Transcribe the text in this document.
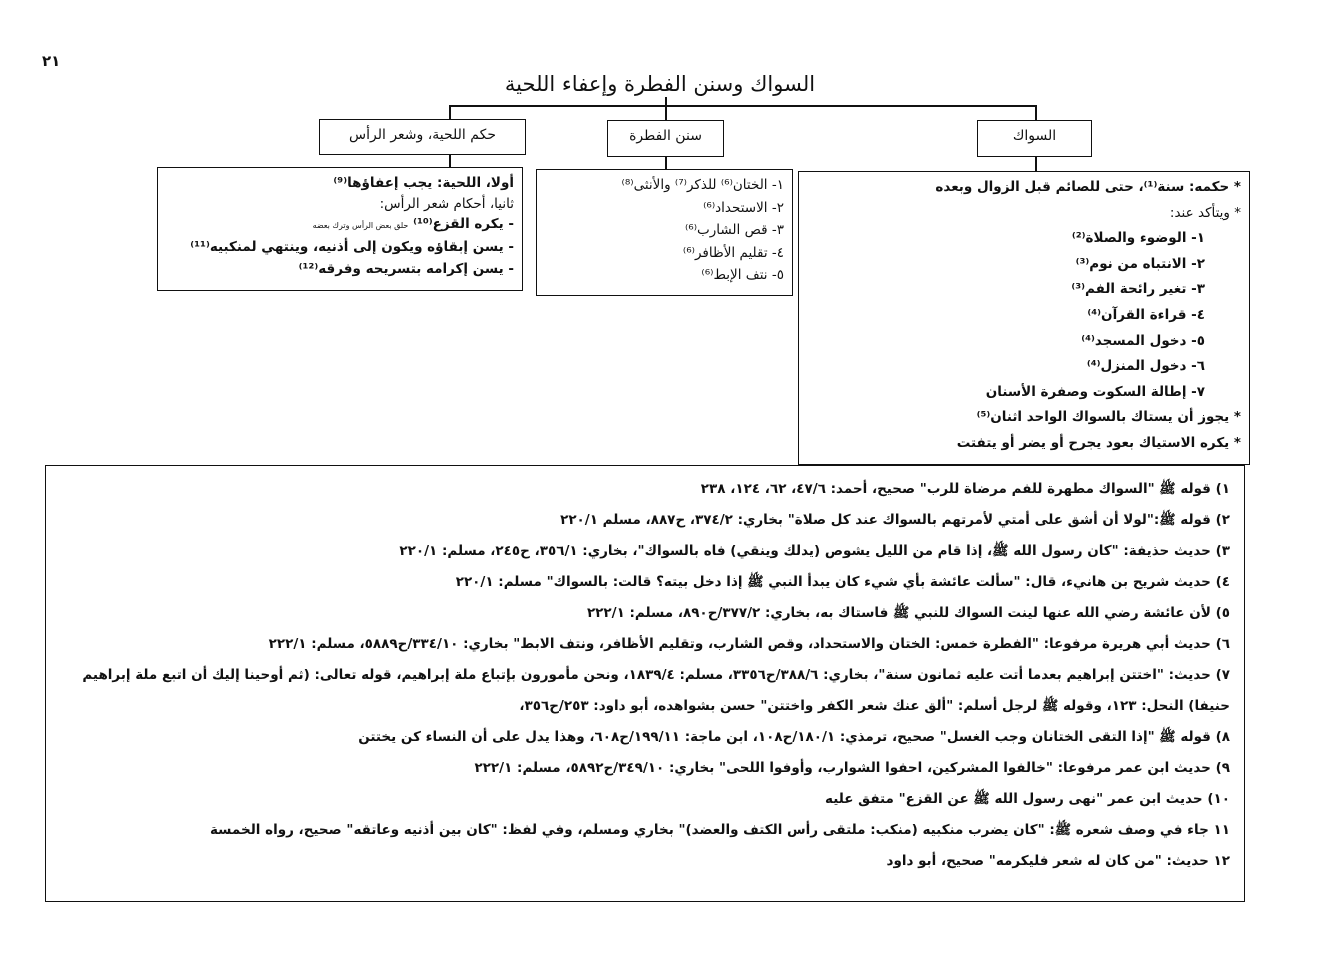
٢١
السواك وسنن الفطرة وإعفاء اللحية
حكم اللحية، وشعر الرأس	سنن الفطرة	السواك
أولا، اللحية: يجب إعفاؤها⁽⁹⁾
ثانيا، أحكام شعر الرأس:
- يكره القزع⁽¹⁰⁾ حلق بعض الرأس وترك بعضه
- يسن إبقاؤه ويكون إلى أذنيه، وينتهي لمنكبيه⁽¹¹⁾
- يسن إكرامه بتسريحه وفرقه⁽¹²⁾
١- الختان⁽⁶⁾ للذكر⁽⁷⁾ والأنثى⁽⁸⁾
٢- الاستحداد⁽⁶⁾
٣- قص الشارب⁽⁶⁾
٤- تقليم الأظافر⁽⁶⁾
٥- نتف الإبط⁽⁶⁾
* حكمه: سنة⁽¹⁾، حتى للصائم قبل الزوال وبعده
* ويتأكد عند:
١- الوضوء والصلاة⁽²⁾
٢- الانتباه من نوم⁽³⁾
٣- تغير رائحة الفم⁽³⁾
٤- قراءة القرآن⁽⁴⁾
٥- دخول المسجد⁽⁴⁾
٦- دخول المنزل⁽⁴⁾
٧- إطالة السكوت وصفرة الأسنان
* يجوز أن يستاك بالسواك الواحد اثنان⁽⁵⁾
* يكره الاستياك بعود يجرح أو يضر أو يتفتت
١) قوله ﷺ "السواك مطهرة للفم مرضاة للرب" صحيح، أحمد: ٤٧/٦، ٦٢، ١٢٤، ٢٣٨
٢) قوله ﷺ:"لولا أن أشق على أمتي لأمرتهم بالسواك عند كل صلاة" بخاري: ٣٧٤/٢، ح٨٨٧، مسلم ٢٢٠/١
٣) حديث حذيفة: "كان رسول الله ﷺ، إذا قام من الليل يشوص (يدلك وينقي) فاه بالسواك"، بخاري: ٣٥٦/١، ح٢٤٥، مسلم: ٢٢٠/١
٤) حديث شريح بن هانيء، قال: "سألت عائشة بأي شيء كان يبدأ النبي ﷺ إذا دخل بيته؟ قالت: بالسواك" مسلم: ٢٢٠/١
٥) لأن عائشة رضي الله عنها لينت السواك للنبي ﷺ فاستاك به، بخاري: ٣٧٧/٢/ح٨٩٠، مسلم: ٢٢٢/١
٦) حديث أبي هريرة مرفوعا: "الفطرة خمس: الختان والاستحداد، وقص الشارب، وتقليم الأظافر، ونتف الابط" بخاري: ٣٣٤/١٠/ح٥٨٨٩، مسلم: ٢٢٢/١
٧) حديث: "اختتن إبراهيم بعدما أتت عليه ثمانون سنة"، بخاري: ٣٨٨/٦/ح٣٣٥٦، مسلم: ١٨٣٩/٤، ونحن مأمورون بإتباع ملة إبراهيم، قوله تعالى: (ثم أوحينا إليك أن اتبع ملة إبراهيم
حنيفا) النحل: ١٢٣، وقوله ﷺ لرجل أسلم: "ألق عنك شعر الكفر واختتن" حسن بشواهده، أبو داود: ٢٥٣/ح٣٥٦،
٨) قوله ﷺ "إذا التقى الختانان وجب الغسل" صحيح، ترمذي: ١٨٠/١/ح١٠٨، ابن ماجة: ١٩٩/١١/ح٦٠٨، وهذا يدل على أن النساء كن يختتن
٩) حديث ابن عمر مرفوعا: "خالفوا المشركين، احفوا الشوارب، وأوفوا اللحى" بخاري: ٣٤٩/١٠/ح٥٨٩٢، مسلم: ٢٢٢/١
١٠) حديث ابن عمر "نهى رسول الله ﷺ عن القزع" متفق عليه
١١ جاء في وصف شعره ﷺ: "كان يضرب منكبيه (منكب: ملتقى رأس الكتف والعضد)" بخاري ومسلم، وفي لفظ: "كان بين أذنيه وعاتقه" صحيح، رواه الخمسة
١٢ حديث: "من كان له شعر فليكرمه" صحيح، أبو داود
